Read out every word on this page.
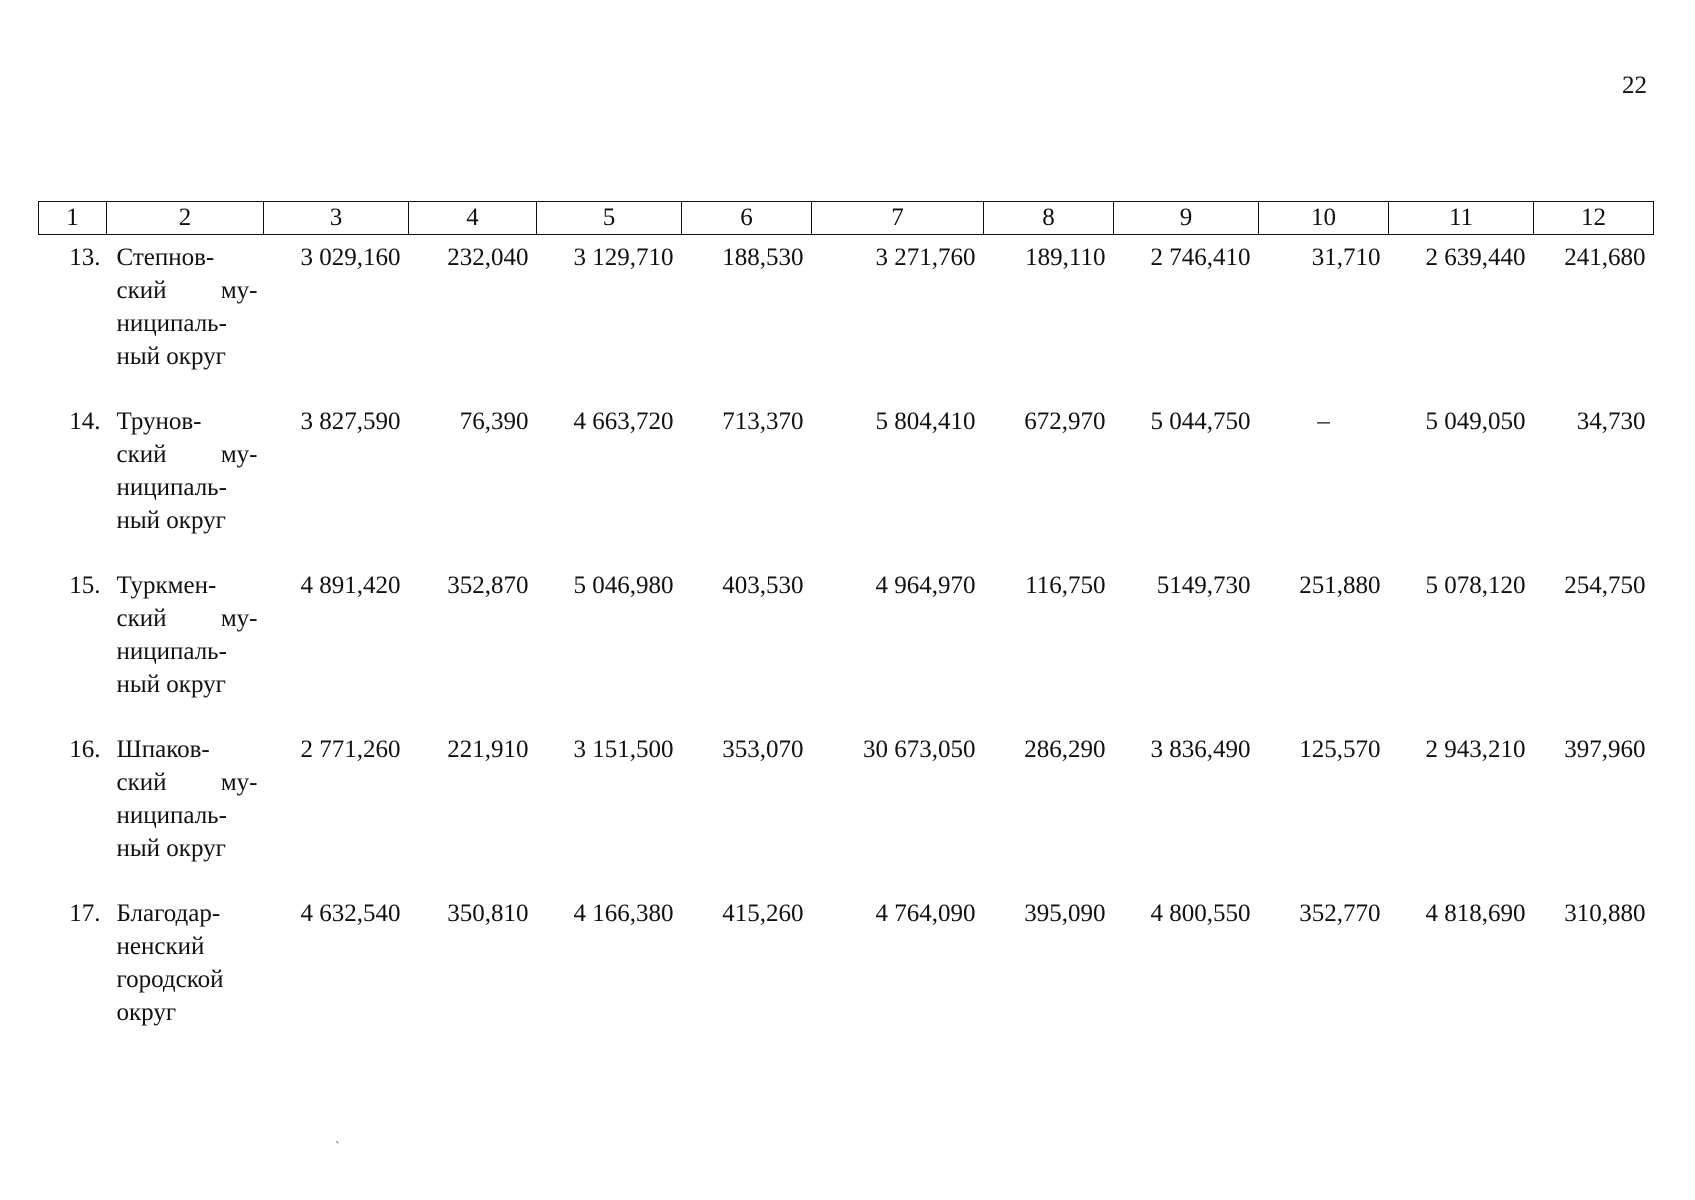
22
1	2	3	4	5	6	7	8	9	10	11	12
13.	Степнов-
ский му-
ниципаль-
ный округ	3 029,160	232,040	3 129,710	188,530	3 271,760	189,110	2 746,410	31,710	2 639,440	241,680
14.	Трунов-
ский му-
ниципаль-
ный округ	3 827,590	76,390	4 663,720	713,370	5 804,410	672,970	5 044,750	–	5 049,050	34,730
15.	Туркмен-
ский му-
ниципаль-
ный округ	4 891,420	352,870	5 046,980	403,530	4 964,970	116,750	5149,730	251,880	5 078,120	254,750
16.	Шпаков-
ский му-
ниципаль-
ный округ	2 771,260	221,910	3 151,500	353,070	30 673,050	286,290	3 836,490	125,570	2 943,210	397,960
17.	Благодар-
ненский
городской
округ	4 632,540	350,810	4 166,380	415,260	4 764,090	395,090	4 800,550	352,770	4 818,690	310,880
ˋ
